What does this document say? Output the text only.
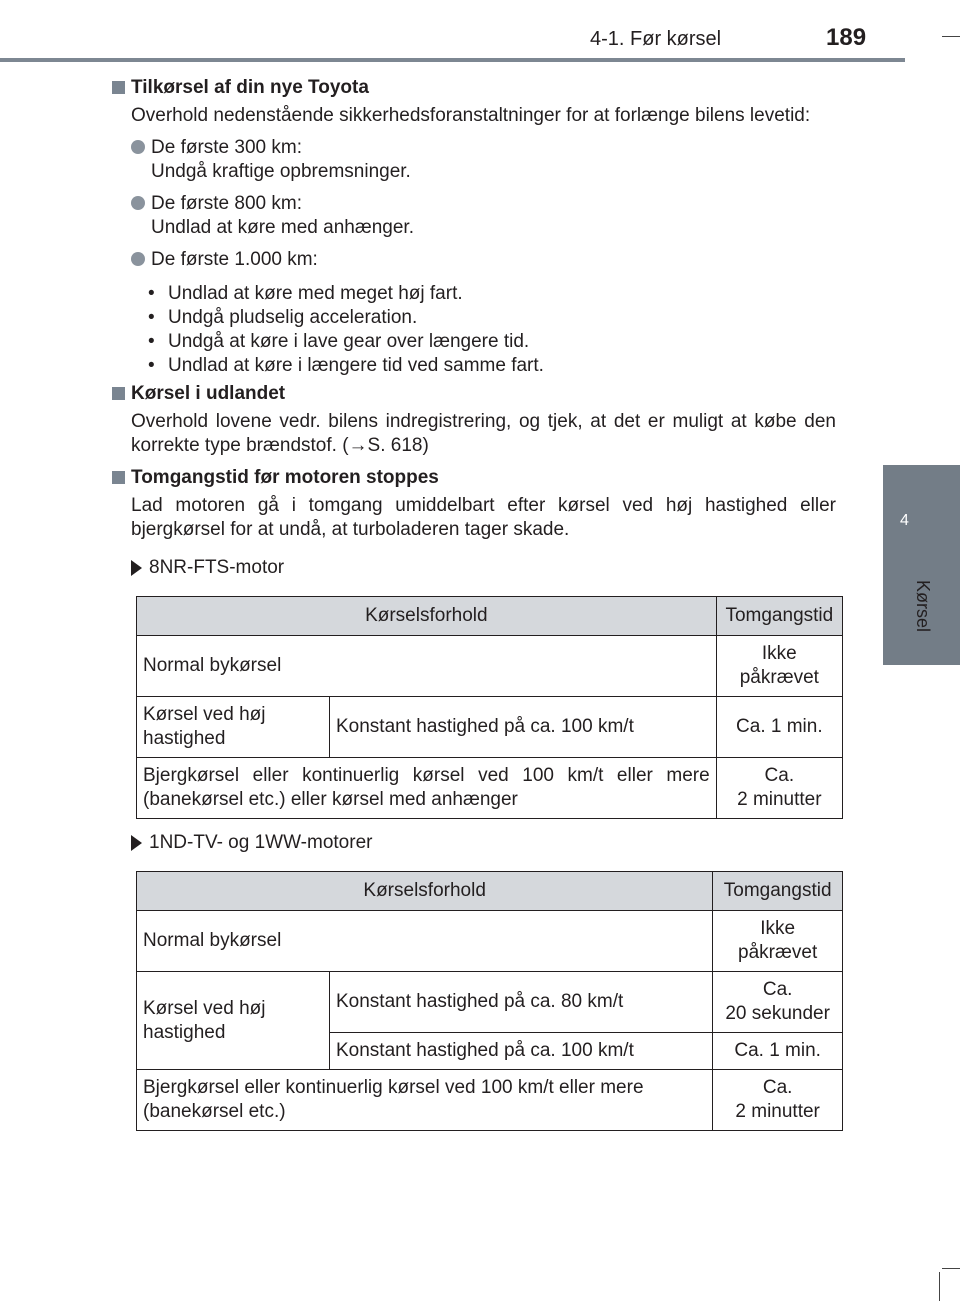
4-1. Før kørsel	189
4
Kørsel
Tilkørsel af din nye Toyota
Overhold nedenstående sikkerhedsforanstaltninger for at forlænge bilens levetid:
De første 300 km:
Undgå kraftige opbremsninger.
De første 800 km:
Undlad at køre med anhænger.
De første 1.000 km:
• Undlad at køre med meget høj fart.
• Undgå pludselig acceleration.
• Undgå at køre i lave gear over længere tid.
• Undlad at køre i længere tid ved samme fart.
Kørsel i udlandet
Overhold lovene vedr. bilens indregistrering, og tjek, at det er muligt at købe den korrekte type brændstof. (→S. 618)
Tomgangstid før motoren stoppes
Lad motoren gå i tomgang umiddelbart efter kørsel ved høj hastighed eller bjergkørsel for at undå, at turboladeren tager skade.
8NR-FTS-motor
Kørselsforhold		Tomgangstid
Normal bykørsel		Ikke påkrævet
Kørsel ved høj hastighed	Konstant hastighed på ca. 100 km/t	Ca. 1 min.
Bjergkørsel eller kontinuerlig kørsel ved 100 km/t eller mere (banekørsel etc.) eller kørsel med anhænger		Ca.
2 minutter
1ND-TV- og 1WW-motorer
Kørselsforhold		Tomgangstid
Normal bykørsel		Ikke påkrævet
Kørsel ved høj hastighed	Konstant hastighed på ca. 80 km/t	Ca.
20 sekunder

	Konstant hastighed på ca. 100 km/t	Ca. 1 min.
Bjergkørsel eller kontinuerlig kørsel ved 100 km/t eller mere (banekørsel etc.)		Ca.
2 minutter
